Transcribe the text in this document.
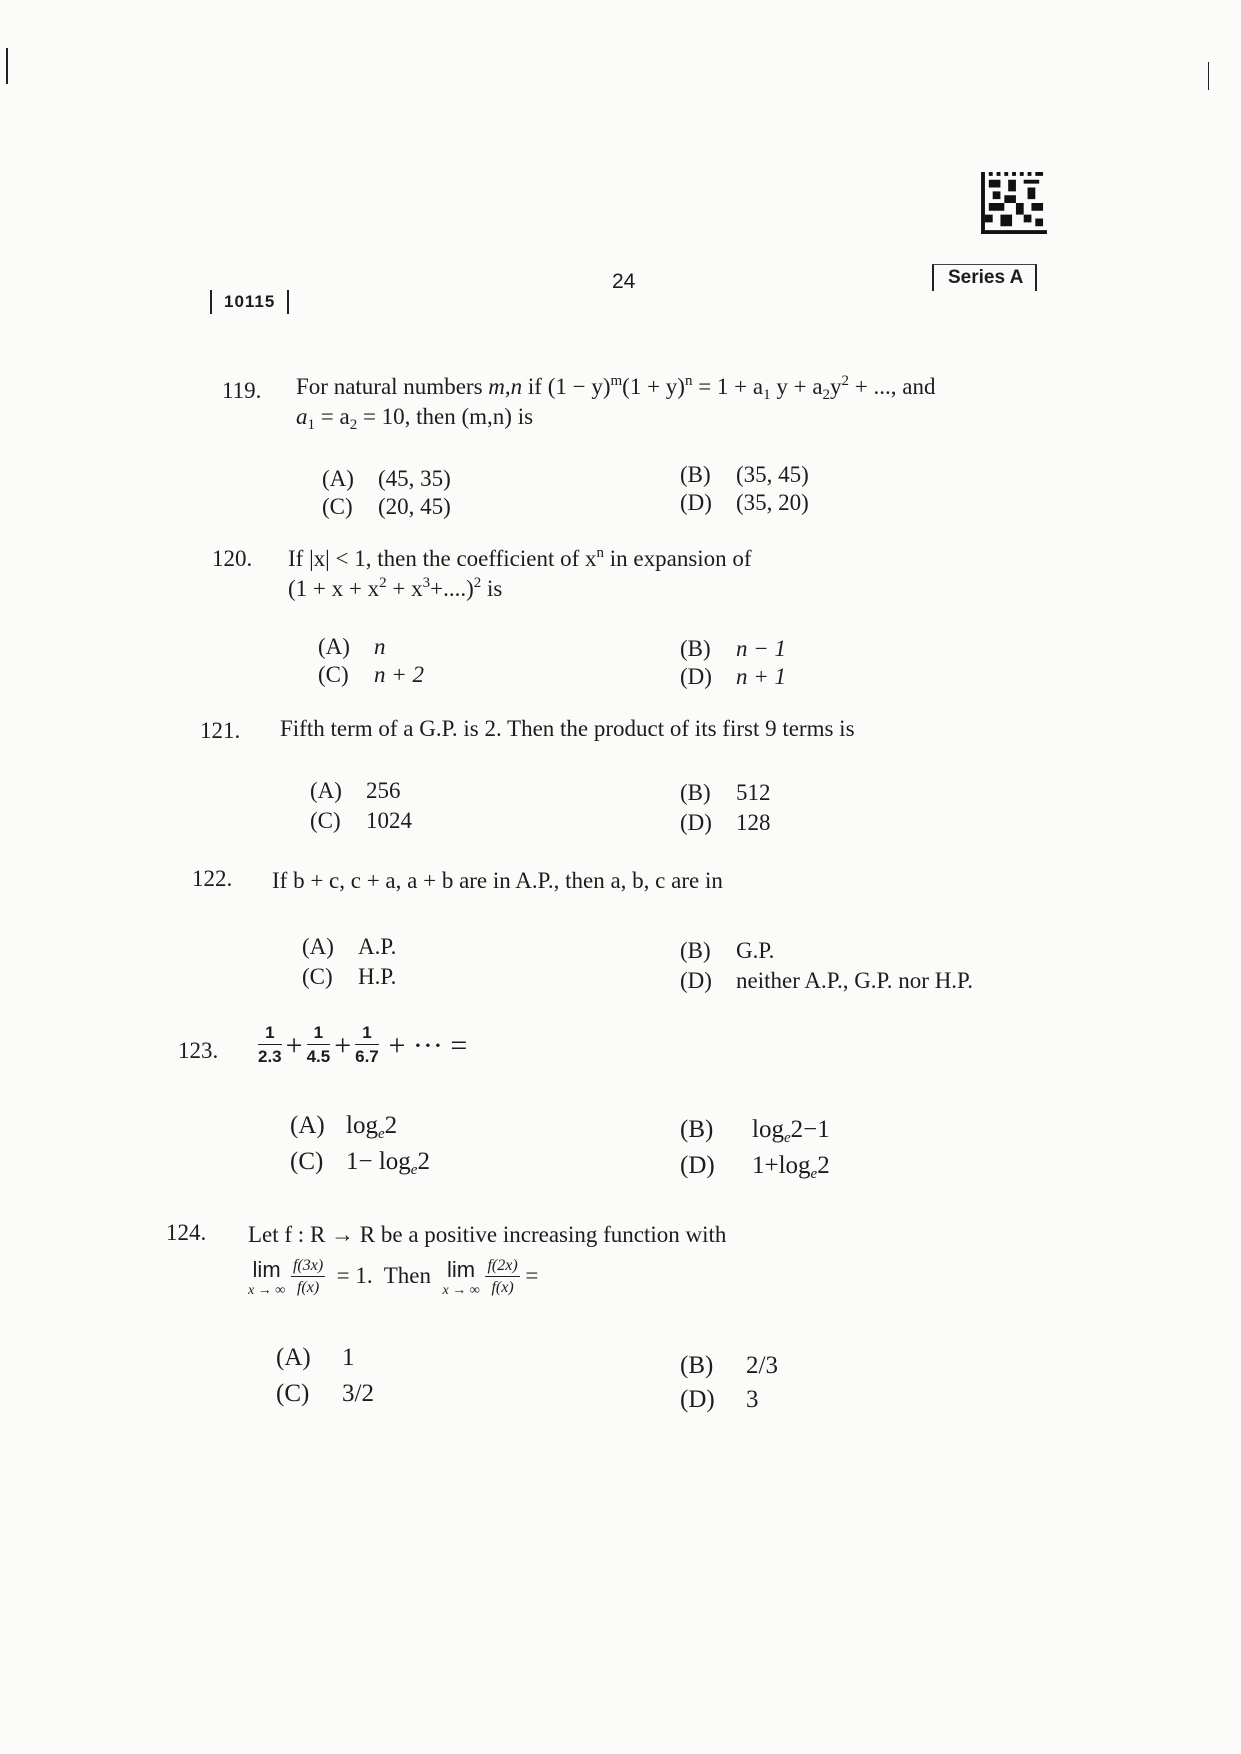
10115
24	Series A
119. For natural numbers m,n if $(1 - y)^m(1 + y)^n = 1 + a_1$ $y + a_2y^2$ + ..., and
$a_1 = a_2 = 10$, then (m,n) is
(A) (45, 35)	(B) (35, 45)
(C) (20, 45)	(D) (35, 20)
120. If |x| < 1, then the coefficient of $x^n$ in expansion of
$(1 + x + x^2 + x^3+....)^2$ is
(A) n	(B) n − 1
(C) n + 2	(D) n + 1
121. Fifth term of a G.P. is 2. Then the product of its first 9 terms is
(A) 256	(B) 512
(C) 1024	(D) 128
122. If b + c, c + a, a + b are in A.P., then a, b, c are in
(A) A.P.	(B) G.P.
(C) H.P.	(D) neither A.P., G.P. nor H.P.
123. $\frac{1}{2.3} + \frac{1}{4.5} + \frac{1}{6.7}$ + ··· =
(A) $\log_e2$	(B) $\log_e2-1$
(C) $1- \log_e2$	(D) $1+\log_e2$
124. Let f : R → R be a positive increasing function with
lim
x → ∞
$\frac{f(3x)}{f(x)} = 1$.  Then lim
x → ∞
$\frac{f(2x)}{f(x)}$ =
(A) 1	(B) 2/3
(C) 3/2	(D) 3
